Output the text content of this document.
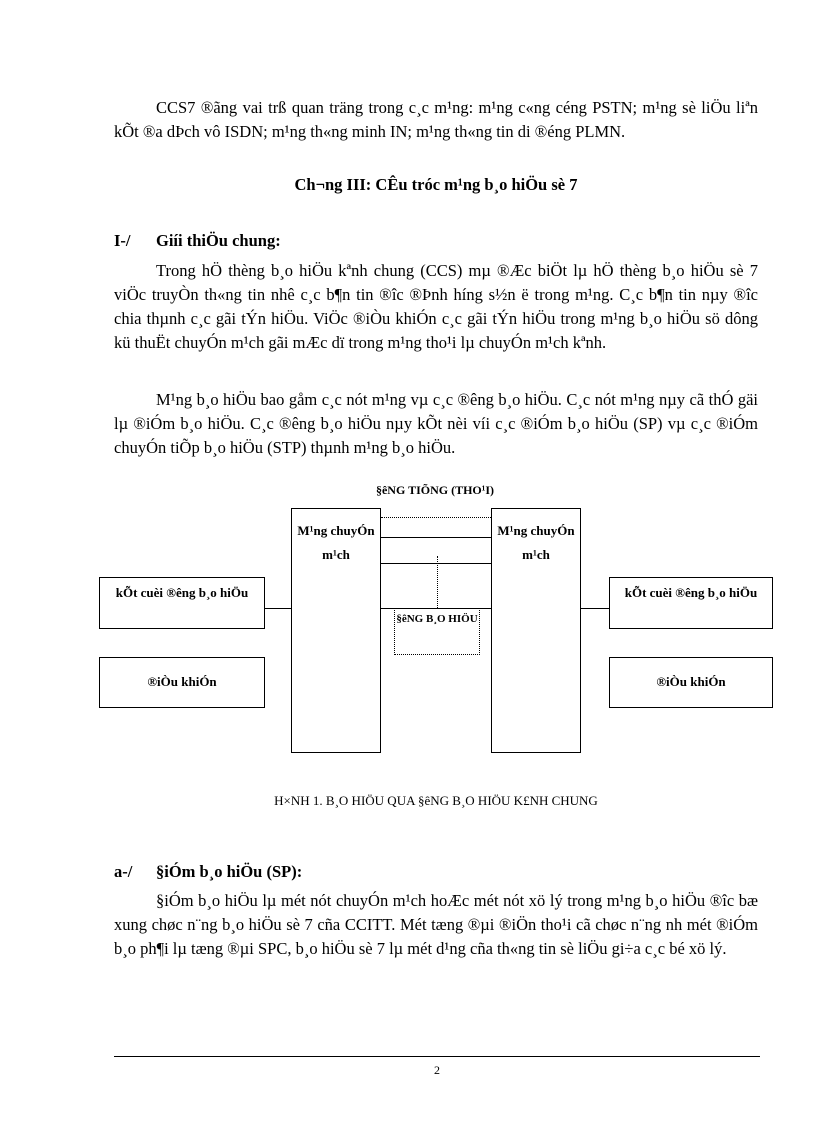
CCS7 ®ãng vai trß quan träng trong c¸c m¹ng: m¹ng c«ng céng PSTN; m¹ng sè liÖu liªn kÕt ®a dÞch vô ISDN; m¹ng th«ng minh IN; m¹ng th«ng tin di ®éng PLMN.
Ch¬ng III: CÊu tróc m¹ng b¸o hiÖu sè 7
I-/ Giíi thiÖu chung:
Trong hÖ thèng b¸o hiÖu kªnh chung (CCS) mµ ®Æc biÖt lµ hÖ thèng b¸o hiÖu sè 7 viÖc truyÒn th«ng tin nhê c¸c b¶n tin ®îc ®Þnh híng s½n ë trong m¹ng. C¸c b¶n tin nµy ®îc chia thµnh c¸c gãi tÝn hiÖu. ViÖc ®iÒu khiÓn c¸c gãi tÝn hiÖu trong m¹ng b¸o hiÖu sö dông kü thuËt chuyÓn m¹ch gãi mÆc dï trong m¹ng tho¹i lµ chuyÓn m¹ch kªnh.
M¹ng b¸o hiÖu bao gåm c¸c nót m¹ng vµ c¸c ®êng b¸o hiÖu. C¸c nót m¹ng nµy cã thÓ gäi lµ ®iÓm b¸o hiÖu. C¸c ®êng b¸o hiÖu nµy kÕt nèi víi c¸c ®iÓm b¸o hiÖu (SP) vµ c¸c ®iÓm chuyÓn tiÕp b¸o hiÖu (STP) thµnh m¹ng b¸o hiÖu.
§êNG TIÕNG (THO¹I)
M¹ng chuyÓn m¹ch
M¹ng chuyÓn m¹ch
kÕt cuèi ®êng b¸o hiÖu	kÕt cuèi ®êng b¸o hiÖu
§êNG B¸O HIÖU
®iÒu khiÓn	®iÒu khiÓn
H×NH 1. B¸O HIÖU QUA §êNG B¸O HIÖU K£NH CHUNG
a-/ §iÓm b¸o hiÖu (SP):
§iÓm b¸o hiÖu lµ mét nót chuyÓn m¹ch hoÆc mét nót xö lý trong m¹ng b¸o hiÖu ®îc bæ xung chøc n¨ng b¸o hiÖu sè 7 cña CCITT. Mét tæng ®µi ®iÖn tho¹i cã chøc n¨ng nh mét ®iÓm b¸o ph¶i lµ tæng ®µi SPC, b¸o hiÖu sè 7 lµ mét d¹ng cña th«ng tin sè liÖu gi÷a c¸c bé xö lý.
2
